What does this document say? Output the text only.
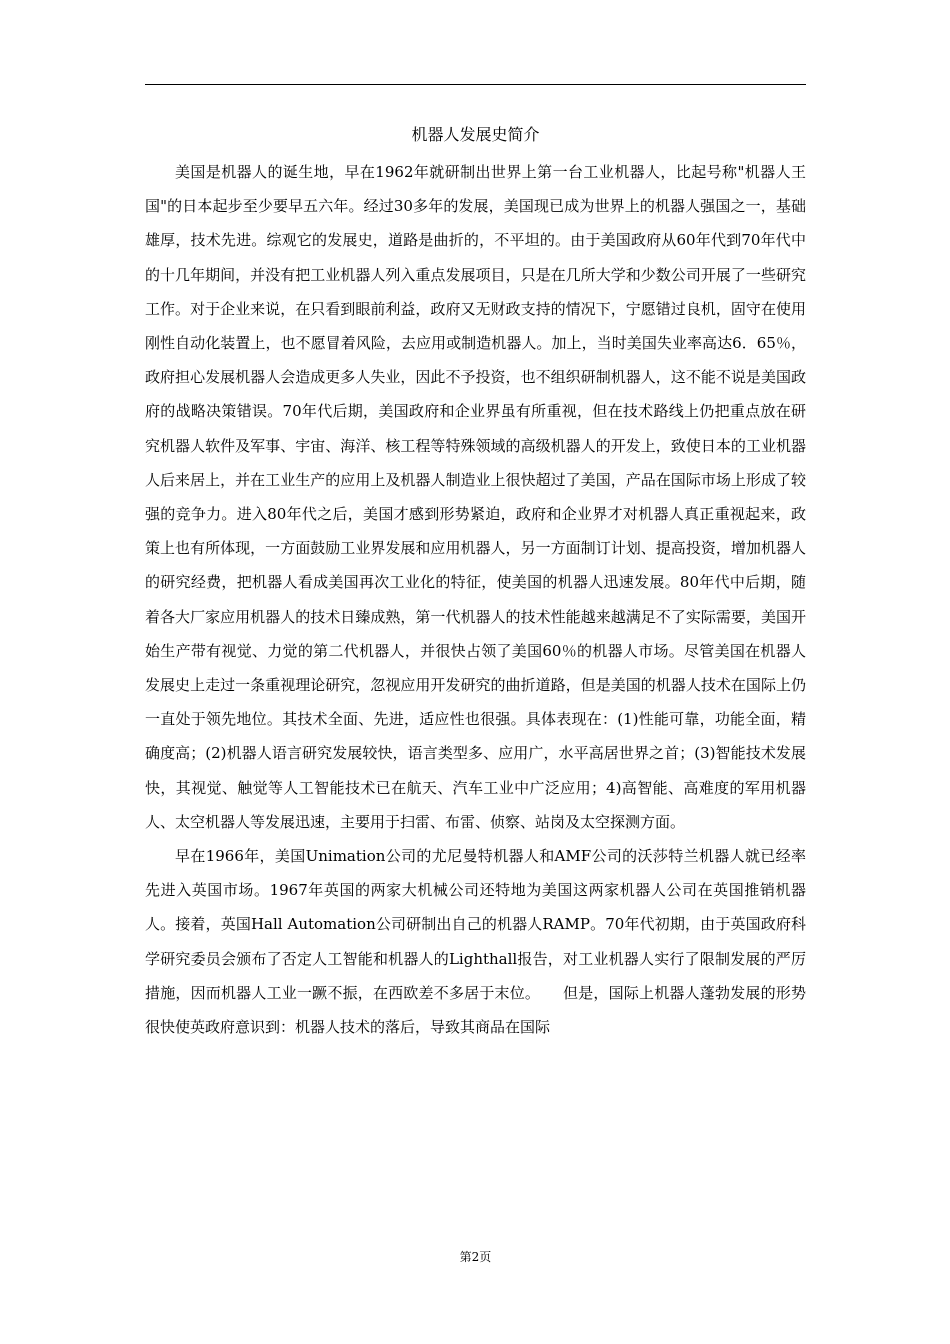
机器人发展史简介

美国是机器人的诞生地，早在1962年就研制出世界上第一台工业机器人，比起号称"机器人王国"的日本起步至少要早五六年。经过30多年的发展，美国现已成为世界上的机器人强国之一，基础雄厚，技术先进。综观它的发展史，道路是曲折的，不平坦的。由于美国政府从60年代到70年代中的十几年期间，并没有把工业机器人列入重点发展项目，只是在几所大学和少数公司开展了一些研究工作。对于企业来说，在只看到眼前利益，政府又无财政支持的情况下，宁愿错过良机，固守在使用刚性自动化装置上，也不愿冒着风险，去应用或制造机器人。加上，当时美国失业率高达6．65％，政府担心发展机器人会造成更多人失业，因此不予投资，也不组织研制机器人，这不能不说是美国政府的战略决策错误。70年代后期，美国政府和企业界虽有所重视，但在技术路线上仍把重点放在研究机器人软件及军事、宇宙、海洋、核工程等特殊领域的高级机器人的开发上，致使日本的工业机器人后来居上，并在工业生产的应用上及机器人制造业上很快超过了美国，产品在国际市场上形成了较强的竞争力。进入80年代之后，美国才感到形势紧迫，政府和企业界才对机器人真正重视起来，政策上也有所体现，一方面鼓励工业界发展和应用机器人，另一方面制订计划、提高投资，增加机器人的研究经费，把机器人看成美国再次工业化的特征，使美国的机器人迅速发展。80年代中后期，随着各大厂家应用机器人的技术日臻成熟，第一代机器人的技术性能越来越满足不了实际需要，美国开始生产带有视觉、力觉的第二代机器人，并很快占领了美国60％的机器人市场。尽管美国在机器人发展史上走过一条重视理论研究，忽视应用开发研究的曲折道路，但是美国的机器人技术在国际上仍一直处于领先地位。其技术全面、先进，适应性也很强。具体表现在：(1)性能可靠，功能全面，精确度高；(2)机器人语言研究发展较快，语言类型多、应用广，水平高居世界之首；(3)智能技术发展快，其视觉、触觉等人工智能技术已在航天、汽车工业中广泛应用；4)高智能、高难度的军用机器人、太空机器人等发展迅速，主要用于扫雷、布雷、侦察、站岗及太空探测方面。

早在1966年，美国Unimation公司的尤尼曼特机器人和AMF公司的沃莎特兰机器人就已经率先进入英国市场。1967年英国的两家大机械公司还特地为美国这两家机器人公司在英国推销机器人。接着，英国Hall Automation公司研制出自己的机器人RAMP。70年代初期，由于英国政府科学研究委员会颁布了否定人工智能和机器人的Lighthall报告，对工业机器人实行了限制发展的严厉措施，因而机器人工业一蹶不振，在西欧差不多居于末位。　　但是，国际上机器人蓬勃发展的形势很快使英政府意识到：机器人技术的落后，导致其商品在国际

第2页
